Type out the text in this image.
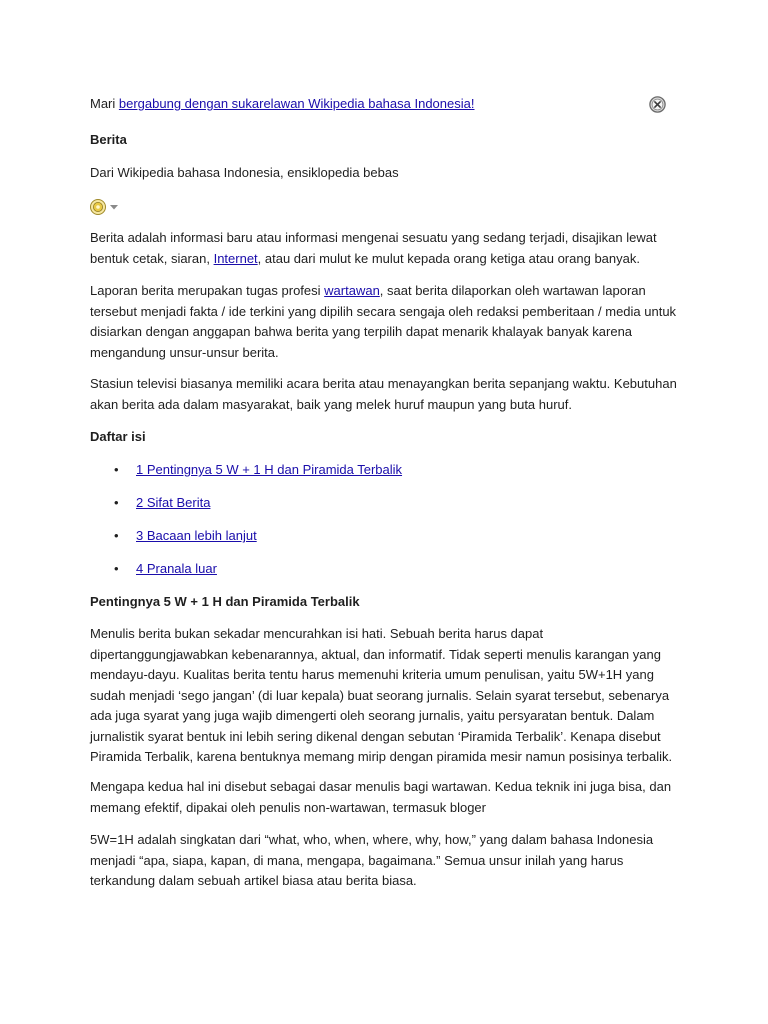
Mari bergabung dengan sukarelawan Wikipedia bahasa Indonesia!
Berita
Dari Wikipedia bahasa Indonesia, ensiklopedia bebas
Berita adalah informasi baru atau informasi mengenai sesuatu yang sedang terjadi, disajikan lewat bentuk cetak, siaran, Internet, atau dari mulut ke mulut kepada orang ketiga atau orang banyak.
Laporan berita merupakan tugas profesi wartawan, saat berita dilaporkan oleh wartawan laporan tersebut menjadi fakta / ide terkini yang dipilih secara sengaja oleh redaksi pemberitaan / media untuk disiarkan dengan anggapan bahwa berita yang terpilih dapat menarik khalayak banyak karena mengandung unsur-unsur berita.
Stasiun televisi biasanya memiliki acara berita atau menayangkan berita sepanjang waktu. Kebutuhan akan berita ada dalam masyarakat, baik yang melek huruf maupun yang buta huruf.
Daftar isi
• 1 Pentingnya 5 W + 1 H dan Piramida Terbalik
• 2 Sifat Berita
• 3 Bacaan lebih lanjut
• 4 Pranala luar
Pentingnya 5 W + 1 H dan Piramida Terbalik
Menulis berita bukan sekadar mencurahkan isi hati. Sebuah berita harus dapat dipertanggungjawabkan kebenarannya, aktual, dan informatif. Tidak seperti menulis karangan yang mendayu-dayu. Kualitas berita tentu harus memenuhi kriteria umum penulisan, yaitu 5W+1H yang sudah menjadi ‘sego jangan’ (di luar kepala) buat seorang jurnalis. Selain syarat tersebut, sebenarya ada juga syarat yang juga wajib dimengerti oleh seorang jurnalis, yaitu persyaratan bentuk. Dalam jurnalistik syarat bentuk ini lebih sering dikenal dengan sebutan ‘Piramida Terbalik’. Kenapa disebut Piramida Terbalik, karena bentuknya memang mirip dengan piramida mesir namun posisinya terbalik.
Mengapa kedua hal ini disebut sebagai dasar menulis bagi wartawan. Kedua teknik ini juga bisa, dan memang efektif, dipakai oleh penulis non-wartawan, termasuk bloger
5W=1H adalah singkatan dari “what, who, when, where, why, how,” yang dalam bahasa Indonesia menjadi “apa, siapa, kapan, di mana, mengapa, bagaimana.” Semua unsur inilah yang harus terkandung dalam sebuah artikel biasa atau berita biasa.
